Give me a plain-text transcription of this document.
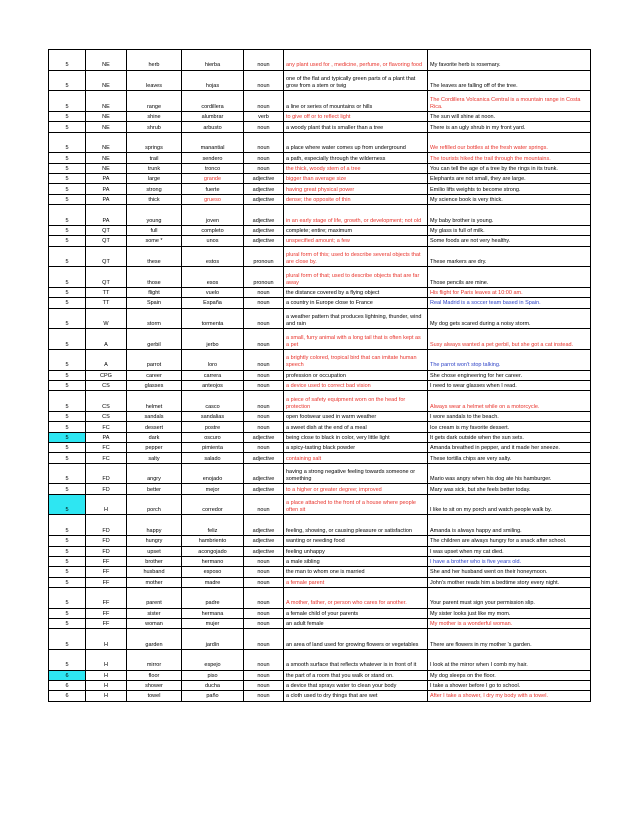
5	NE	herb	hierba	noun	any plant used for , medicine, perfume, or flavoring food	My favorite herb is rosemary.
5	NE	leaves	hojas	noun	one of the flat and typically green parts of a plant that grow from a stem or twig	The leaves are falling off of the tree.
5	NE	range	cordillera	noun	a line or series of mountains or hills	The Cordillera Volcanica Central is a mountain range in Costa Rica.
5	NE	shine	alumbrar	verb	to give off or to reflect light	The sun will shine at noon.
5	NE	shrub	arbusto	noun	a woody plant that is smaller than a tree	There is an ugly shrub in my front yard.
5	NE	springs	manantial	noun	a place where water comes up from underground	We refilled our bottles at the fresh water springs.
5	NE	trail	sendero	noun	a path, especially through the wilderness	The tourists hiked the trail through the mountains.
5	NE	trunk	tronco	noun	the thick, woody stem of a tree	You can tell the age of a tree by the rings in its trunk.
5	PA	large	grande	adjective	bigger than average size	Elephants are not small, they are large.
5	PA	strong	fuerte	adjective	having great physical power	Emilio lifts weights to become strong.
5	PA	thick	grueso	adjective	dense; the opposite of thin	My science book is very thick.
5	PA	young	joven	adjective	in an early stage of life, growth, or development; not old	My baby brother is young.
5	QT	full	completo	adjective	complete; entire; maximum	My glass is full of milk.
5	QT	some *	unos	adjective	unspecified amount; a few	Some foods are not very healthy.
5	QT	these	estos	pronoun	plural form of this; used to describe several objects that are close by.	These markers are dry.
5	QT	those	esos	pronoun	plural form of that; used to describe objects that are far away	Those pencils are mine.
5	TT	flight	vuelo	noun	the distance covered by a flying object	His flight for Paris leaves at 10:00 am.
5	TT	Spain	España	noun	a country in Europe close to France	Real Madrid is a soccer team based in Spain.
5	W	storm	tormenta	noun	a weather pattern that produces lightning, thunder, wind and rain	My dog gets scared during a noisy storm.
5	A	gerbil	jerbo	noun	a small, furry animal with a long tail that is often kept as a pet	Susy always wanted a pet gerbil, but she got a cat instead.
5	A	parrot	loro	noun	a brightly colored, tropical bird that can imitate human speech	The parrot won't stop talking.
5	CPG	career	carrera	noun	profession or occupation	She chose engineering for her career.
5	CS	glasses	anteojos	noun	a device used to correct bad vision	I need to wear glasses when I read.
5	CS	helmet	casco	noun	a piece of safety equipment worn on the head for protection	Always wear a helmet while on a motorcycle.
5	CS	sandals	sandalias	noun	open footwear used in warm weather	I wore sandals to the beach.
5	FC	dessert	postre	noun	a sweet dish at the end of a meal	Ice cream is my favorite dessert.
5	PA	dark	oscuro	adjective	being close to black in color, very little light	It gets dark outside when the sun sets.
5	FC	pepper	pimienta	noun	a spicy-tasting black powder	Amanda breathed in pepper, and it made her sneeze.
5	FC	salty	salado	adjective	containing salt	These tortilla chips are very salty.
5	FD	angry	enojado	adjective	having a strong negative feeling towards someone or something	Mario was angry when his dog ate his hamburger.
5	FD	better	mejor	adjective	to a higher or greater degree; improved	Mary was sick, but she feels better today.
5	H	porch	corredor	noun	a place attached to the front of a house where people often sit	I like to sit on my porch and watch people walk by.
5	FD	happy	feliz	adjective	feeling, showing, or causing pleasure or satisfaction	Amanda is always happy and smiling.
5	FD	hungry	hambriento	adjective	wanting or needing food	The children are always hungry for a snack after school.
5	FD	upset	acongojado	adjective	feeling unhappy	I was upset when my cat died.
5	FF	brother	hermano	noun	a male sibling	I have a brother who is five years old.
5	FF	husband	esposo	noun	the man to whom one is married	She and her husband went on their honeymoon.
5	FF	mother	madre	noun	a female parent	John's mother reads him a bedtime story every night.
5	FF	parent	padre	noun	A mother, father, or person who cares for another.	Your parent must sign your permission slip.
5	FF	sister	hermana	noun	a female child of your parents	My sister looks just like my mom.
5	FF	woman	mujer	noun	an adult female	My mother is a wonderful woman.
5	H	garden	jardín	noun	an area of land used for growing flowers or vegetables	There are flowers in my mother 's garden.
5	H	mirror	espejo	noun	a smooth surface that reflects whatever is in front of it	I look at the mirror when I comb my hair.
6	H	floor	piso	noun	the part of a room that you walk or stand on.	My dog sleeps on the floor.
6	H	shower	ducha	noun	a device that sprays water to clean your body	I take a shower before I go to school.
6	H	towel	paño	noun	a cloth used to dry things that are wet	After I take a shower, I dry my body with a towel.
